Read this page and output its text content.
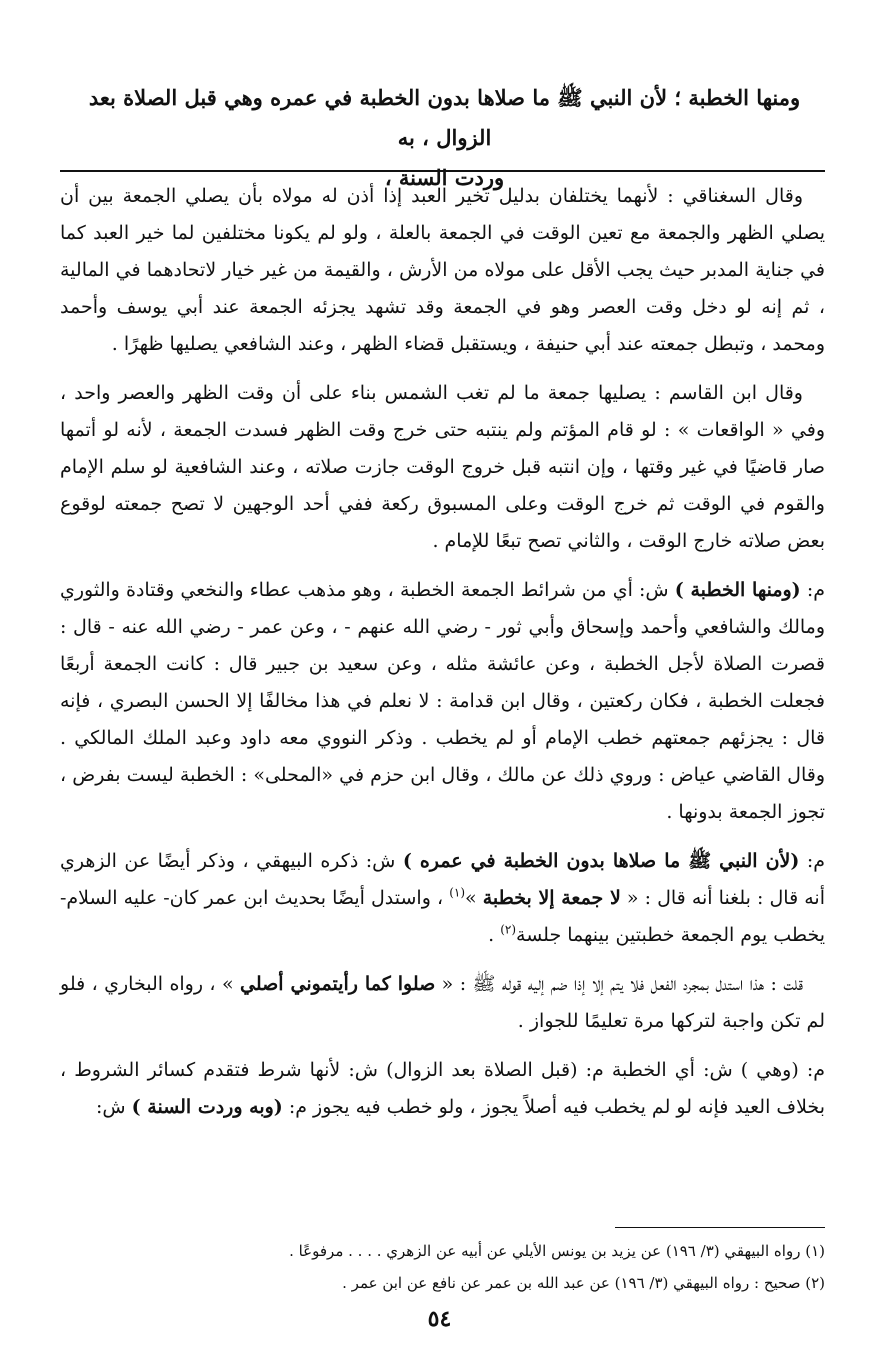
ومنها الخطبة ؛ لأن النبي ﷺ ما صلاها بدون الخطبة في عمره وهي قبل الصلاة بعد الزوال ، به
وردت السنة ،

وقال السغناقي : لأنهما يختلفان بدليل تخير العبد إذا أذن له مولاه بأن يصلي الجمعة بين أن يصلي الظهر والجمعة مع تعين الوقت في الجمعة بالعلة ، ولو لم يكونا مختلفين لما خير العبد كما في جناية المدبر حيث يجب الأقل على مولاه من الأرش ، والقيمة من غير خيار لاتحادهما في المالية ، ثم إنه لو دخل وقت العصر وهو في الجمعة وقد تشهد يجزئه الجمعة عند أبي يوسف وأحمد ومحمد ، وتبطل جمعته عند أبي حنيفة ، ويستقبل قضاء الظهر ، وعند الشافعي يصليها ظهرًا .

وقال ابن القاسم : يصليها جمعة ما لم تغب الشمس بناء على أن وقت الظهر والعصر واحد ، وفي « الواقعات » : لو قام المؤتم ولم ينتبه حتى خرج وقت الظهر فسدت الجمعة ، لأنه لو أتمها صار قاضيًا في غير وقتها ، وإن انتبه قبل خروج الوقت جازت صلاته ، وعند الشافعية لو سلم الإمام والقوم في الوقت ثم خرج الوقت وعلى المسبوق ركعة ففي أحد الوجهين لا تصح جمعته لوقوع بعض صلاته خارج الوقت ، والثاني تصح تبعًا للإمام .

م: (ومنها الخطبة ) ش: أي من شرائط الجمعة الخطبة ، وهو مذهب عطاء والنخعي وقتادة والثوري ومالك والشافعي وأحمد وإسحاق وأبي ثور - رضي الله عنهم - ، وعن عمر - رضي الله عنه - قال : قصرت الصلاة لأجل الخطبة ، وعن عائشة مثله ، وعن سعيد بن جبير قال : كانت الجمعة أربعًا فجعلت الخطبة ، فكان ركعتين ، وقال ابن قدامة : لا نعلم في هذا مخالفًا إلا الحسن البصري ، فإنه قال : يجزئهم جمعتهم خطب الإمام أو لم يخطب . وذكر النووي معه داود وعبد الملك المالكي . وقال القاضي عياض : وروي ذلك عن مالك ، وقال ابن حزم في «المحلى» : الخطبة ليست بفرض ، تجوز الجمعة بدونها .

م: (لأن النبي ﷺ ما صلاها بدون الخطبة في عمره ) ش: ذكره البيهقي ، وذكر أيضًا عن الزهري أنه قال : بلغنا أنه قال : « لا جمعة إلا بخطبة »$^{(١)}$ ، واستدل أيضًا بحديث ابن عمر كان- عليه السلام- يخطب يوم الجمعة خطبتين بينهما جلسة$^{(٢)}$ .

قلت : هذا استدل بمجرد الفعل فلا يتم إلا إذا ضم إليه قوله ﷺ : « صلوا كما رأيتموني أصلي » ، رواه البخاري ، فلو لم تكن واجبة لتركها مرة تعليمًا للجواز .

م: (وهي ) ش: أي الخطبة م: (قبل الصلاة بعد الزوال) ش: لأنها شرط فتقدم كسائر الشروط ، بخلاف العيد فإنه لو لم يخطب فيه أصلاً يجوز ، ولو خطب فيه يجوز م: (وبه وردت السنة ) ش:

(١) رواه البيهقي (٣/ ١٩٦) عن يزيد بن يونس الأيلي عن أبيه عن الزهري . . . . مرفوعًا .

(٢) صحيح : رواه البيهقي (٣/ ١٩٦) عن عبد الله بن عمر عن نافع عن ابن عمر .

٥٤
